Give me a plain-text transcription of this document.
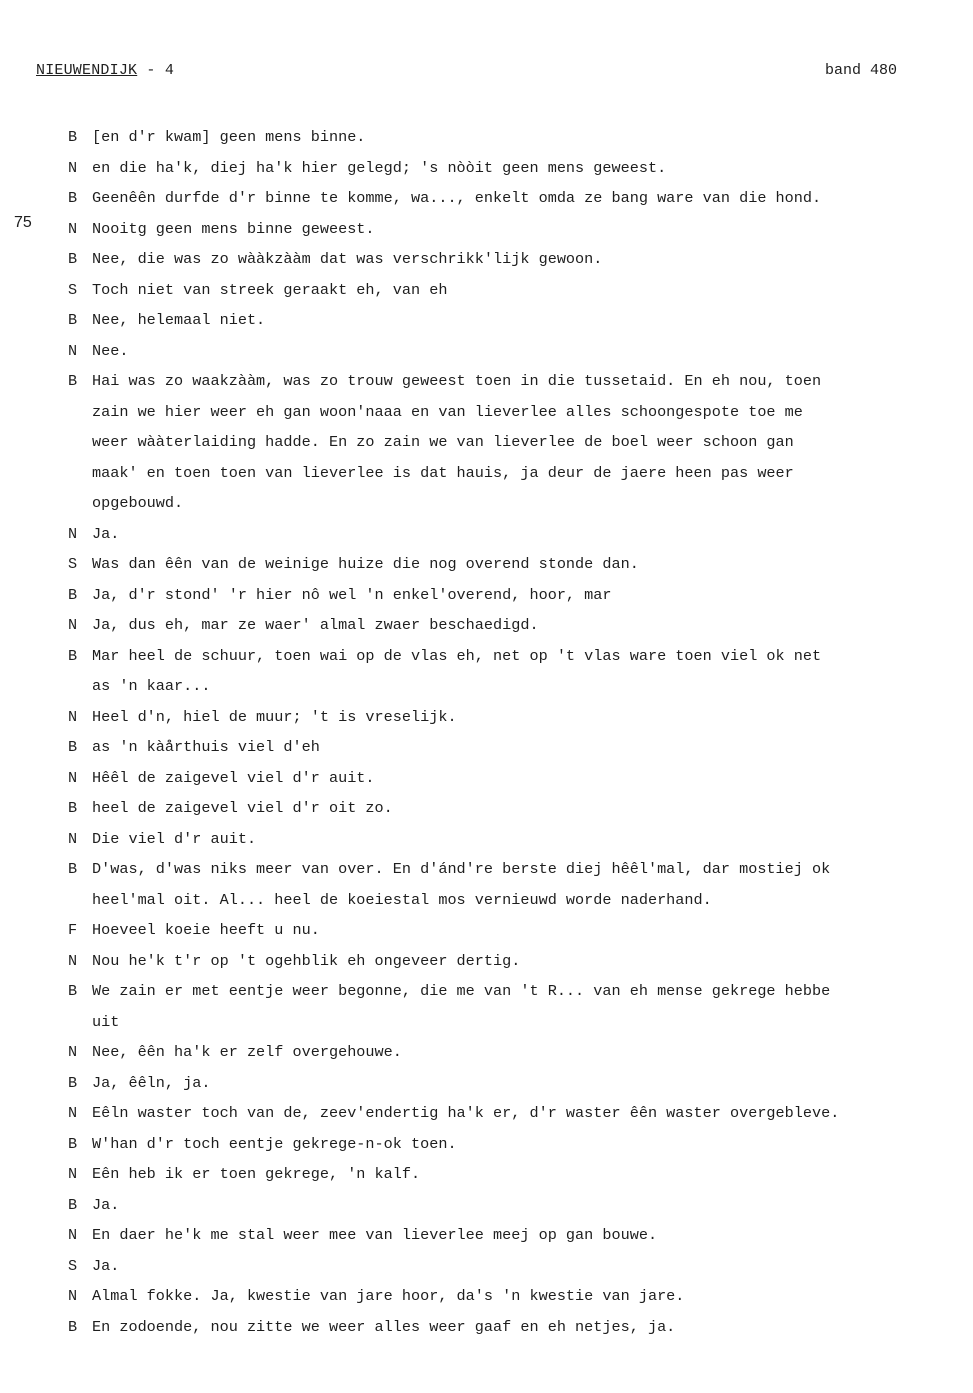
NIEUWENDIJK - 4	band 480
75
B [en d'r kwam] geen mens binne.
N en die ha'k, diej ha'k hier gelegd; 's nòòit geen mens geweest.
B Geenêên durfde d'r binne te komme, wa..., enkelt omda ze bang ware van die hond.
N Nooitg geen mens binne geweest.
B Nee, die was zo wààkzààm dat was verschrikk'lijk gewoon.
S Toch niet van streek geraakt eh, van eh
B Nee, helemaal niet.
N Nee.
B Hai was zo waakzààm, was zo trouw geweest toen in die tussetaid. En eh nou, toen
zain we hier weer eh gan woon'naaa en van lieverlee alles schoongespote toe me
weer wààterlaiding hadde. En zo zain we van lieverlee de boel weer schoon gan
maak' en toen toen van lieverlee is dat hauis, ja deur de jaere heen pas weer
opgebouwd.
N Ja.
S Was dan êên van de weinige huize die nog overend stonde dan.
B Ja, d'r stond' 'r hier nô wel 'n enkel'overend, hoor, mar
N Ja, dus eh, mar ze waer' almal zwaer beschaedigd.
B Mar heel de schuur, toen wai op de vlas eh, net op 't vlas ware toen viel ok net
as 'n kaar...
N Heel d'n, hiel de muur; 't is vreselijk.
B as 'n kàårthuis viel d'eh
N Hêêl de zaigevel viel d'r auit.
B heel de zaigevel viel d'r oit zo.
N Die viel d'r auit.
B D'was, d'was niks meer van over. En d'ánd're berste diej hêêl'mal, dar mostiej ok
heel'mal oit. Al... heel de koeiestal mos vernieuwd worde naderhand.
F Hoeveel koeie heeft u nu.
N Nou he'k t'r op 't ogehblik eh ongeveer dertig.
B We zain er met eentje weer begonne, die me van 't R... van eh mense gekrege hebbe
uit
N Nee, êên ha'k er zelf overgehouwe.
B Ja, êêln, ja.
N Eêln waster toch van de, zeev'endertig ha'k er, d'r waster êên waster overgebleve.
B W'han d'r toch eentje gekrege-n-ok toen.
N Eên heb ik er toen gekrege, 'n kalf.
B Ja.
N En daer he'k me stal weer mee van lieverlee meej op gan bouwe.
S Ja.
N Almal fokke. Ja, kwestie van jare hoor, da's 'n kwestie van jare.
B En zodoende, nou zitte we weer alles weer gaaf en eh netjes, ja.
